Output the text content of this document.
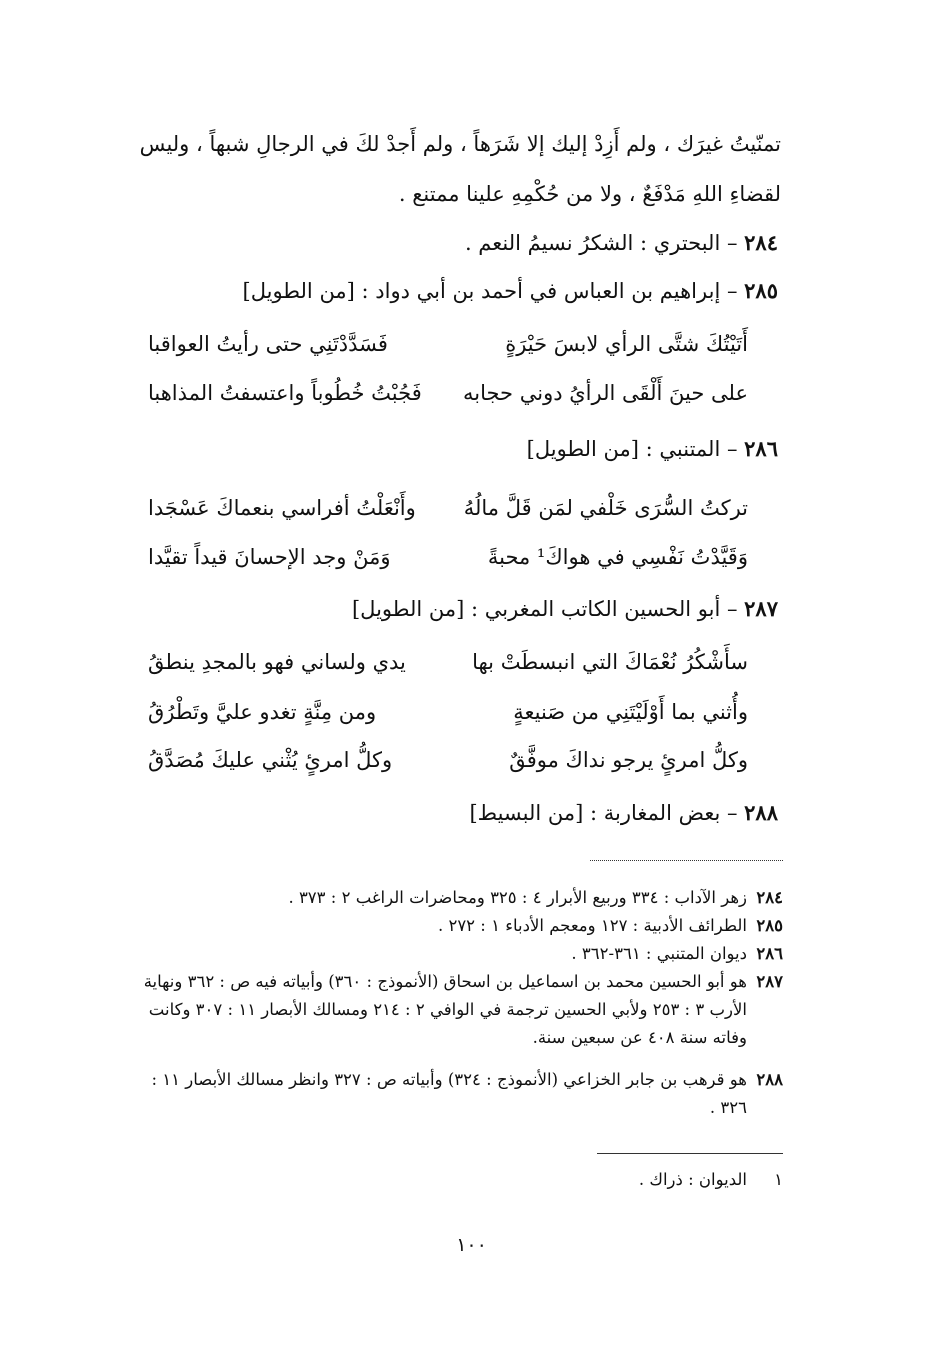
تمنّيتُ غيرَك ، ولم أَزِدْ إليك إلا شَرَهاً ، ولم أَجدْ لكَ في الرجالِ شبهاً ، وليس
لقضاءِ اللهِ مَدْفَعٌ ، ولا من حُكْمِهِ علينا ممتنع .
٢٨٤ – البحتري : الشكرُ نسيمُ النعم .
٢٨٥ – إبراهيم بن العباس في أحمد بن أبي دواد : [من الطويل]
أَتَيْتُكَ شتَّى الرأي لابسَ حَيْرَةٍ
فَسَدَّدْتَنِي حتى رأيتُ العواقبا
على حينَ أَلْقَى الرأيُ دوني حجابه
فَجُبْتُ خُطُوباً واعتسفتُ المذاهبا
٢٨٦ – المتنبي : [من الطويل]
تركتُ السُّرَى خَلْفي لمَن قَلَّ مالُهُ
وأَنْعَلْتُ أفراسي بنعماكَ عَسْجَدا
وَقَيَّدْتُ نَفْسِي في هواكَ¹ محبةً
وَمَنْ وجد الإحسانَ قيداً تقيَّدا
٢٨٧ – أبو الحسين الكاتب المغربي : [من الطويل]
سأَشْكُرُ نُعْمَاكَ التي انبسطَتْ بها
يدي ولساني فهو بالمجدِ ينطقُ
وأُثني بما أَوْلَيْتَنِي من صَنيعةٍ
ومن مِنَّةٍ تغدو عليَّ وتَطْرُقُ
وكلُّ امرئٍ يرجو نداكَ موفَّقٌ
وكلُّ امرئٍ يُثْني عليكَ مُصَدَّقُ
٢٨٨ – بعض المغاربة : [من البسيط]
٢٨٤زهر الآداب : ٣٣٤ وربيع الأبرار ٤ : ٣٢٥ ومحاضرات الراغب ٢ : ٣٧٣ .
٢٨٥الطرائف الأدبية : ١٢٧ ومعجم الأدباء ١ : ٢٧٢ .
٢٨٦ديوان المتنبي : ٣٦١-٣٦٢ .
٢٨٧هو أبو الحسين محمد بن اسماعيل بن اسحاق (الأنموذج : ٣٦٠) وأبياته فيه ص : ٣٦٢ ونهاية الأرب ٣ : ٢٥٣ ولأبي الحسين ترجمة في الوافي ٢ : ٢١٤ ومسالك الأبصار ١١ : ٣٠٧ وكانت وفاته سنة ٤٠٨ عن سبعين سنة.
٢٨٨هو قرهب بن جابر الخزاعي (الأنموذج : ٣٢٤) وأبياته ص : ٣٢٧ وانظر مسالك الأبصار ١١ : ٣٢٦ .
١الديوان : ذراك .
١٠٠
